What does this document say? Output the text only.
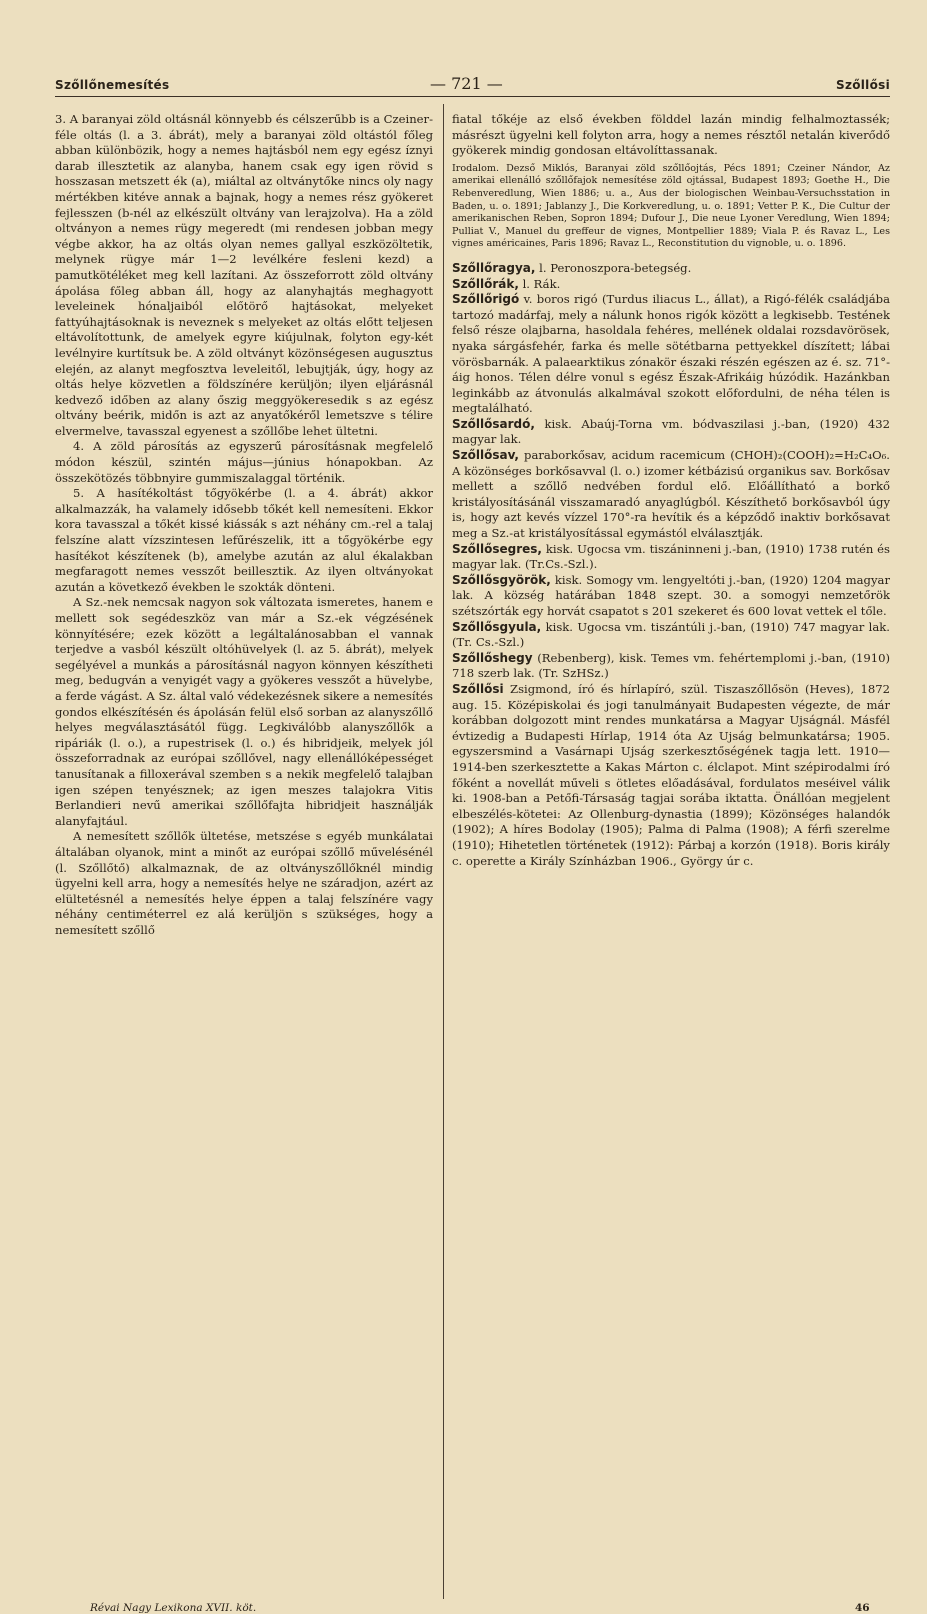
Szőllőnemesítés	— 721 —	Szőllősi

3. A baranyai zöld oltásnál könnyebb és célszerűbb is a Czeiner-féle oltás (l. a 3. ábrát), mely a baranyai zöld oltástól főleg abban különbözik, hogy a nemes hajtásból nem egy egész íznyi darab illesztetik az alanyba, hanem csak egy igen rövid s hosszasan metszett ék (a), miáltal az oltványtőke nincs oly nagy mértékben kitéve annak a bajnak, hogy a nemes rész gyökeret fejlesszen (b-nél az elkészült oltvány van lerajzolva). Ha a zöld oltványon a nemes rügy megeredt (mi rendesen jobban megy végbe akkor, ha az oltás olyan nemes gallyal eszközöltetik, melynek rügye már 1—2 levélkére fesleni kezd) a pamutkötéléket meg kell lazítani. Az összeforrott zöld oltvány ápolása főleg abban áll, hogy az alanyhajtás meghagyott leveleinek hónaljaiból előtörő hajtásokat, melyeket fattyúhajtásoknak is neveznek s melyeket az oltás előtt teljesen eltávolítottunk, de amelyek egyre kiújulnak, folyton egy-két levélnyire kurtítsuk be. A zöld oltványt közönségesen augusztus elején, az alanyt megfosztva leveleitől, lebujtják, úgy, hogy az oltás helye közvetlen a földszínére kerüljön; ilyen eljárásnál kedvező időben az alany őszig meggyökeresedik s az egész oltvány beérik, midőn is azt az anyatőkéről lemetszve s télire elvermelve, tavasszal egyenest a szőllőbe lehet ültetni.

4. A zöld párosítás az egyszerű párosításnak megfelelő módon készül, szintén május—június hónapokban. Az összekötözés többnyire gummiszalaggal történik.

5. A hasítékoltást tőgyökérbe (l. a 4. ábrát) akkor alkalmazzák, ha valamely idősebb tőkét kell nemesíteni. Ekkor kora tavasszal a tőkét kissé kiássák s azt néhány cm.-rel a talaj felszíne alatt vízszintesen lefűrészelik, itt a tőgyökérbe egy hasítékot készítenek (b), amelybe azután az alul ékalakban megfaragott nemes vesszőt beillesztik. Az ilyen oltványokat azután a következő években le szokták dönteni.

A Sz.-nek nemcsak nagyon sok változata ismeretes, hanem e mellett sok segédeszköz van már a Sz.-ek végzésének könnyítésére; ezek között a legáltalánosabban el vannak terjedve a vasból készült oltóhüvelyek (l. az 5. ábrát), melyek segélyével a munkás a párosításnál nagyon könnyen készítheti meg, bedugván a venyigét vagy a gyökeres vesszőt a hüvelybe, a ferde vágást. A Sz. által való védekezésnek sikere a nemesítés gondos elkészítésén és ápolásán felül első sorban az alanyszőllő helyes megválasztásától függ. Legkiválóbb alanyszőllők a ripáriák (l. o.), a rupestrisek (l. o.) és hibridjeik, melyek jól összeforradnak az európai szőllővel, nagy ellenállóképességet tanusítanak a filloxerával szemben s a nekik megfelelő talajban igen szépen tenyésznek; az igen meszes talajokra Vitis Berlandieri nevű amerikai szőllőfajta hibridjeit használják alanyfajtául.

A nemesített szőllők ültetése, metszése s egyéb munkálatai általában olyanok, mint a minőt az európai szőllő művelésénél (l. Szőllőtő) alkalmaznak, de az oltványszőllőknél mindig ügyelni kell arra, hogy a nemesítés helye ne száradjon, azért az elültetésnél a nemesítés helye éppen a talaj felszínére vagy néhány centiméterrel ez alá kerüljön s szükséges, hogy a nemesített szőllő

fiatal tőkéje az első években földdel lazán mindig felhalmoztassék; másrészt ügyelni kell folyton arra, hogy a nemes résztől netalán kiverődő gyökerek mindig gondosan eltávolíttassanak.

Irodalom. Dezső Miklós, Baranyai zöld szőllőojtás, Pécs 1891; Czeiner Nándor, Az amerikai ellenálló szőllőfajok nemesítése zöld ojtással, Budapest 1893; Goethe H., Die Rebenveredlung, Wien 1886; u. a., Aus der biologischen Weinbau-Versuchsstation in Baden, u. o. 1891; Jablanzy J., Die Korkveredlung, u. o. 1891; Vetter P. K., Die Cultur der amerikanischen Reben, Sopron 1894; Dufour J., Die neue Lyoner Veredlung, Wien 1894; Pulliat V., Manuel du greffeur de vignes, Montpellier 1889; Viala P. és Ravaz L., Les vignes américaines, Paris 1896; Ravaz L., Reconstitution du vignoble, u. o. 1896.

Szőllőragya, l. Peronoszpora-betegség.

Szőllőrák, l. Rák.

Szőllőrigó v. boros rigó (Turdus iliacus L., állat), a Rigó-félék családjába tartozó madárfaj, mely a nálunk honos rigók között a legkisebb. Testének felső része olajbarna, hasoldala fehéres, mellének oldalai rozsdavörösek, nyaka sárgásfehér, farka és melle sötétbarna pettyekkel díszített; lábai vörösbarnák. A palaearktikus zónakör északi részén egészen az é. sz. 71°-áig honos. Télen délre vonul s egész Észak-Afrikáig húzódik. Hazánkban leginkább az átvonulás alkalmával szokott előfordulni, de néha télen is megtalálható.

Szőllősardó, kisk. Abaúj-Torna vm. bódvaszilasi j.-ban, (1920) 432 magyar lak.

Szőllősav, paraborkősav, acidum racemicum (CHOH)₂(COOH)₂=H₂C₄O₆. A közönséges borkősavval (l. o.) izomer kétbázisú organikus sav. Borkősav mellett a szőllő nedvében fordul elő. Előállítható a borkő kristályosításánál visszamaradó anyaglúgból. Készíthető borkősavból úgy is, hogy azt kevés vízzel 170°-ra hevítik és a képződő inaktiv borkősavat meg a Sz.-at kristályosítással egymástól elválasztják.

Szőllősegres, kisk. Ugocsa vm. tiszáninneni j.-ban, (1910) 1738 rutén és magyar lak. (Tr.Cs.-Szl.).

Szőllősgyörök, kisk. Somogy vm. lengyeltóti j.-ban, (1920) 1204 magyar lak. A község határában 1848 szept. 30. a somogyi nemzetőrök szétszórták egy horvát csapatot s 201 szekeret és 600 lovat vettek el tőle.

Szőllősgyula, kisk. Ugocsa vm. tiszántúli j.-ban, (1910) 747 magyar lak. (Tr. Cs.-Szl.)

Szőllőshegy (Rebenberg), kisk. Temes vm. fehértemplomi j.-ban, (1910) 718 szerb lak. (Tr. SzHSz.)

Szőllősi Zsigmond, író és hírlapíró, szül. Tiszaszőllősön (Heves), 1872 aug. 15. Középiskolai és jogi tanulmányait Budapesten végezte, de már korábban dolgozott mint rendes munkatársa a Magyar Ujságnál. Másfél évtizedig a Budapesti Hírlap, 1914 óta Az Ujság belmunkatársa; 1905. egyszersmind a Vasárnapi Ujság szerkesztőségének tagja lett. 1910—1914-ben szerkesztette a Kakas Márton c. élclapot. Mint szépirodalmi író főként a novellát műveli s ötletes előadásával, fordulatos meséivel válik ki. 1908-ban a Petőfi-Társaság tagjai sorába iktatta. Önállóan megjelent elbeszélés-kötetei: Az Ollenburg-dynastia (1899); Közönséges halandók (1902); A híres Bodolay (1905); Palma di Palma (1908); A férfi szerelme (1910); Hihetetlen történetek (1912): Párbaj a korzón (1918). Boris király c. operette a Király Színházban 1906., György úr c.

Révai Nagy Lexikona XVII. köt.	46
